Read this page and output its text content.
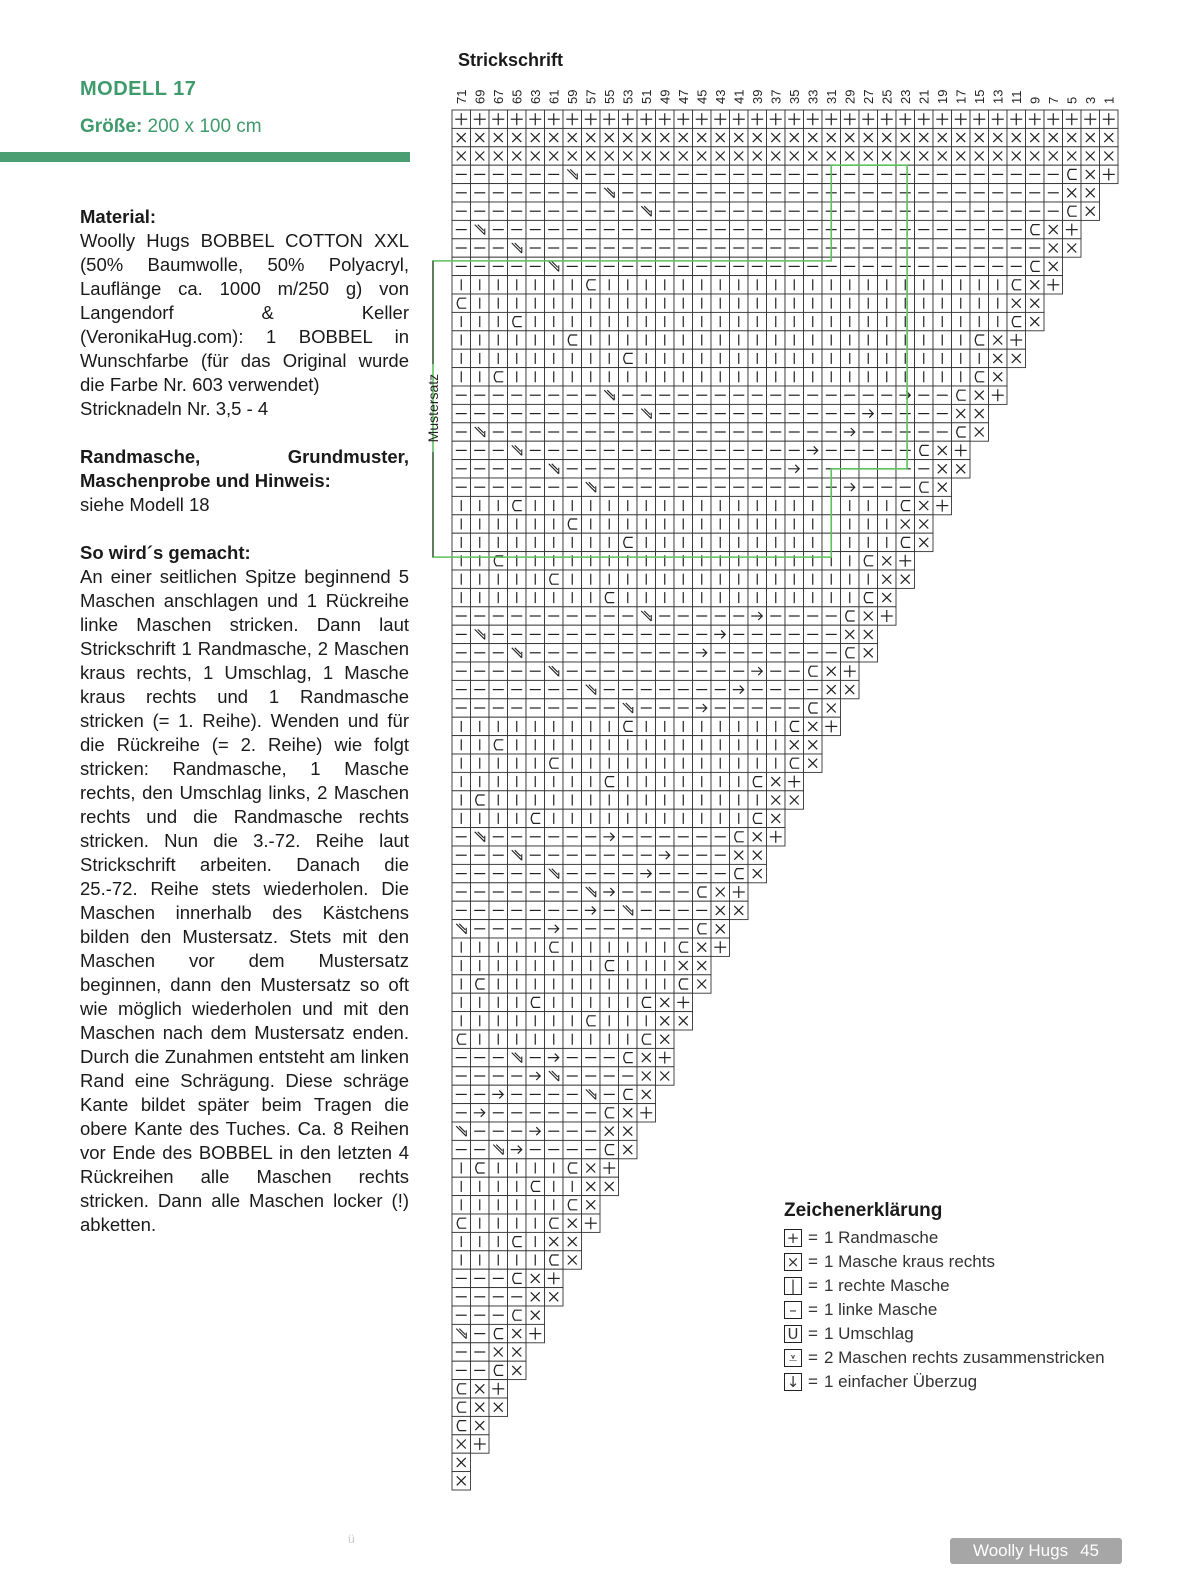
MODELL 17

Größe: 200 x 100 cm

Material:

Woolly Hugs BOBBEL COTTON XXL (50% Baumwolle, 50% Polyacryl, Lauflänge ca. 1000 m/250 g) von Langendorf & Keller (VeronikaHug.com): 1 BOBBEL in Wunschfarbe (für das Original wurde die Farbe Nr. 603 verwendet)

Stricknadeln Nr. 3,5 - 4

Randmasche, Grundmuster, Maschenprobe und Hinweis:

siehe Modell 18

So wird´s gemacht:

An einer seitlichen Spitze beginnend 5 Maschen anschlagen und 1 Rückreihe linke Maschen stricken. Dann laut Strickschrift 1 Randmasche, 2 Maschen kraus rechts, 1 Umschlag, 1 Masche kraus rechts und 1 Randmasche stricken (= 1. Reihe). Wenden und für die Rückreihe (= 2. Reihe) wie folgt stricken: Randmasche, 1 Masche rechts, den Umschlag links, 2 Maschen rechts und die Randmasche rechts stricken. Nun die 3.-72. Reihe laut Strickschrift arbeiten. Danach die 25.-72. Reihe stets wiederholen. Die Maschen innerhalb des Kästchens bilden den Mustersatz. Stets mit den Maschen vor dem Mustersatz beginnen, dann den Mustersatz so oft wie möglich wiederholen und mit den Maschen nach dem Mustersatz enden. Durch die Zunahmen entsteht am linken Rand eine Schrägung. Diese schräge Kante bildet später beim Tragen die obere Kante des Tuches. Ca. 8 Reihen vor Ende des BOBBEL in den letzten 4 Rückreihen alle Maschen rechts stricken. Dann alle Maschen locker (!) abketten.

Strickschrift
71 69 67 65 63 61 59 57 55 53 51 49 47 45 43 41 39 37 35 33 31 29 27 25 23 21 19 17 15 13 11 9 7 5 3 1
Mustersatz
Zeichenerklärung
+ = 1 Randmasche
× = 1 Masche kraus rechts
| = 1 rechte Masche
– = 1 linke Masche
U = 1 Umschlag
⩡ = 2 Maschen rechts zusammenstricken
↓ = 1 einfacher Überzug
ü
Woolly Hugs 45
